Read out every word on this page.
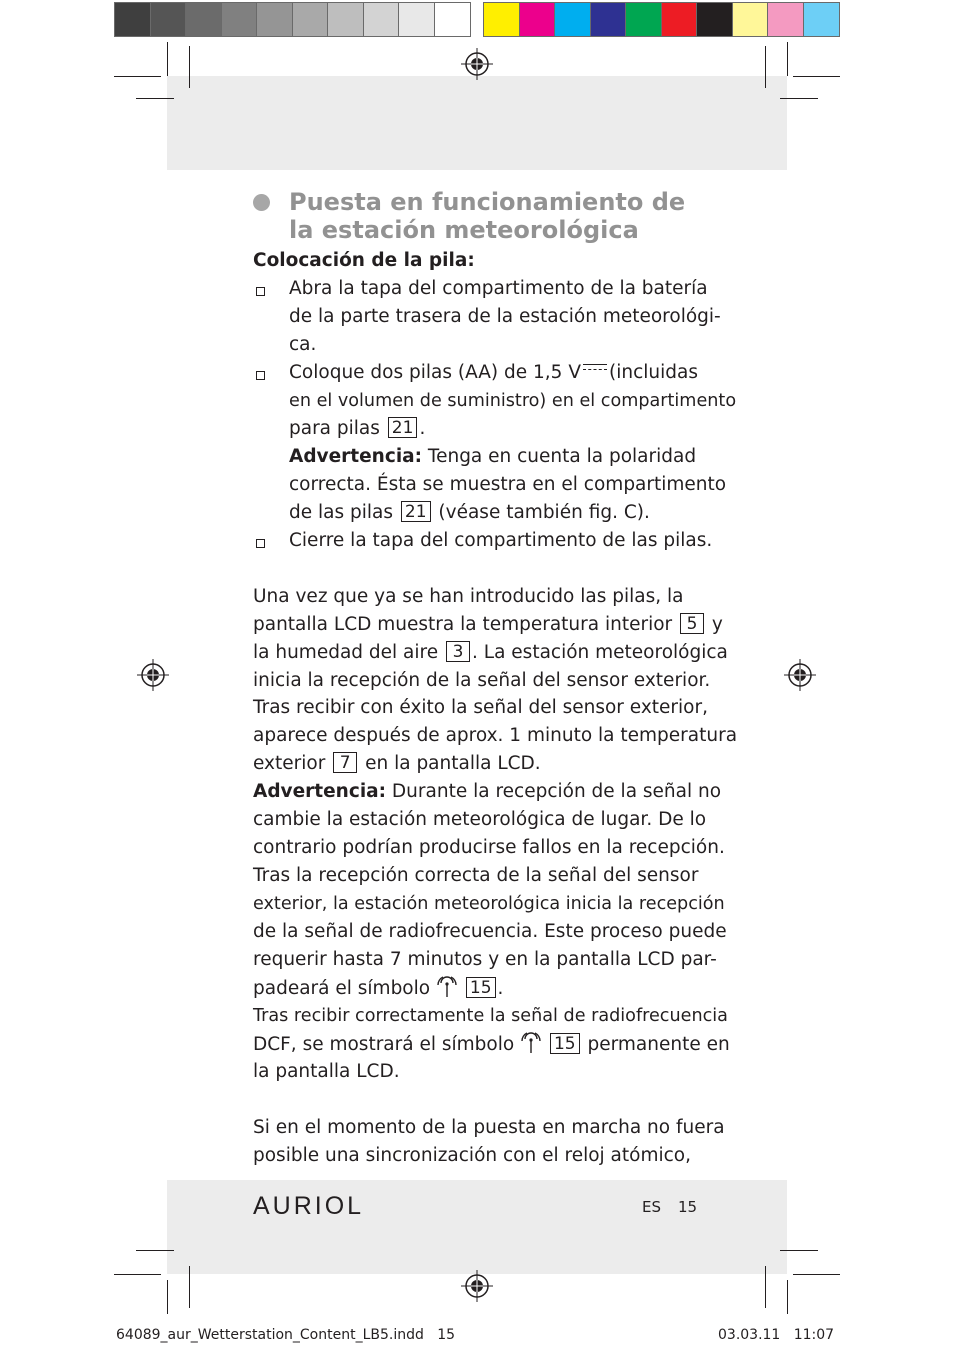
Puesta en funcionamiento de
la estación meteorológica
Colocación de la pila:
Abra la tapa del compartimento de la batería
de la parte trasera de la estación meteorológi-
ca.
Coloque dos pilas (AA) de 1,5 V (incluidas
en el volumen de suministro) en el compartimento
para pilas 21 .
Advertencia: Tenga en cuenta la polaridad
correcta. Ésta se muestra en el compartimento
de las pilas 21 (véase también fig. C).
Cierre la tapa del compartimento de las pilas.
Una vez que ya se han introducido las pilas, la
pantalla LCD muestra la temperatura interior 5 y
la humedad del aire 3 . La estación meteorológica
inicia la recepción de la señal del sensor exterior.
Tras recibir con éxito la señal del sensor exterior,
aparece después de aprox. 1 minuto la temperatura
exterior 7 en la pantalla LCD.
Advertencia: Durante la recepción de la señal no
cambie la estación meteorológica de lugar. De lo
contrario podrían producirse fallos en la recepción.
Tras la recepción correcta de la señal del sensor
exterior, la estación meteorológica inicia la recepción
de la señal de radiofrecuencia. Este proceso puede
requerir hasta 7 minutos y en la pantalla LCD par-
padeará el símbolo 15 .
Tras recibir correctamente la señal de radiofrecuencia
DCF, se mostrará el símbolo 15 permanente en
la pantalla LCD.
Si en el momento de la puesta en marcha no fuera
posible una sincronización con el reloj atómico,
AURIOL	ES 15
64089_aur_Wetterstation_Content_LB5.indd   15	03.03.11   11:07
